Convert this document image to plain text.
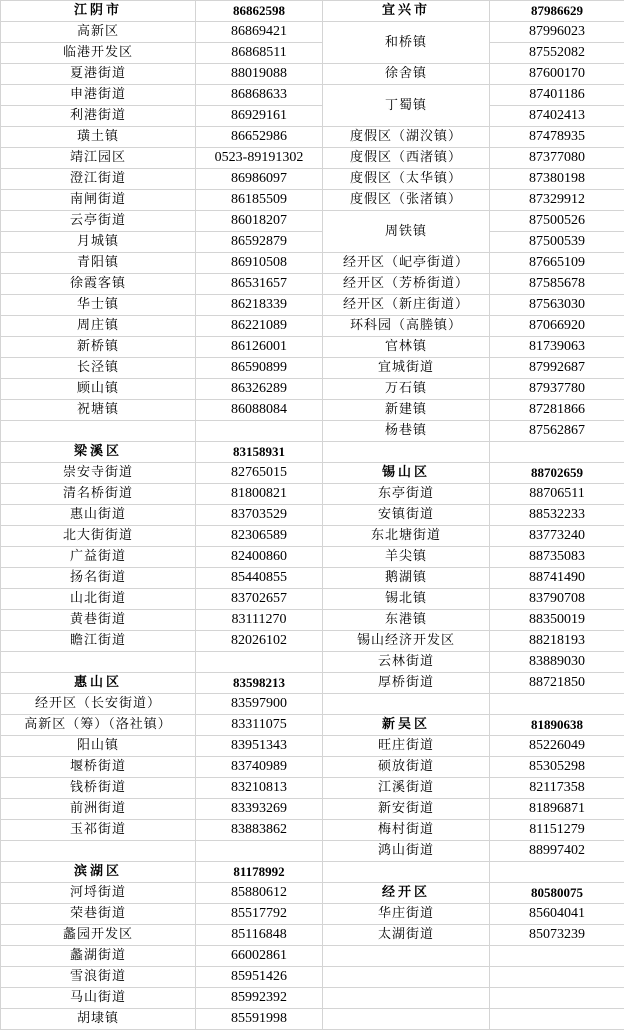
江阴市	86862598	宜兴市	87986629
高新区	86869421	和桥镇	87996023
临港开发区	86868511		87552082
夏港街道	88019088	徐舍镇	87600170
申港街道	86868633	丁蜀镇	87401186
利港街道	86929161		87402413
璜土镇	86652986	度假区（湖㳇镇）	87478935
靖江园区	0523-89191302	度假区（西渚镇）	87377080
澄江街道	86986097	度假区（太华镇）	87380198
南闸街道	86185509	度假区（张渚镇）	87329912
云亭街道	86018207	周铁镇	87500526
月城镇	86592879		87500539
青阳镇	86910508	经开区（屺亭街道）	87665109
徐霞客镇	86531657	经开区（芳桥街道）	87585678
华士镇	86218339	经开区（新庄街道）	87563030
周庄镇	86221089	环科园（高塍镇）	87066920
新桥镇	86126001	官林镇	81739063
长泾镇	86590899	宜城街道	87992687
顾山镇	86326289	万石镇	87937780
祝塘镇	86088084	新建镇	87281866
		杨巷镇	87562867
梁溪区	83158931		
崇安寺街道	82765015	锡山区	88702659
清名桥街道	81800821	东亭街道	88706511
惠山街道	83703529	安镇街道	88532233
北大街街道	82306589	东北塘街道	83773240
广益街道	82400860	羊尖镇	88735083
扬名街道	85440855	鹅湖镇	88741490
山北街道	83702657	锡北镇	83790708
黄巷街道	83111270	东港镇	88350019
瞻江街道	82026102	锡山经济开发区	88218193
		云林街道	83889030
惠山区	83598213	厚桥街道	88721850
经开区（长安街道）	83597900		
高新区（筹）（洛社镇）	83311075	新吴区	81890638
阳山镇	83951343	旺庄街道	85226049
堰桥街道	83740989	硕放街道	85305298
钱桥街道	83210813	江溪街道	82117358
前洲街道	83393269	新安街道	81896871
玉祁街道	83883862	梅村街道	81151279
		鸿山街道	88997402
滨湖区	81178992		
河埒街道	85880612	经开区	80580075
荣巷街道	85517792	华庄街道	85604041
蠡园开发区	85116848	太湖街道	85073239
蠡湖街道	66002861		
雪浪街道	85951426		
马山街道	85992392		
胡埭镇	85591998		
